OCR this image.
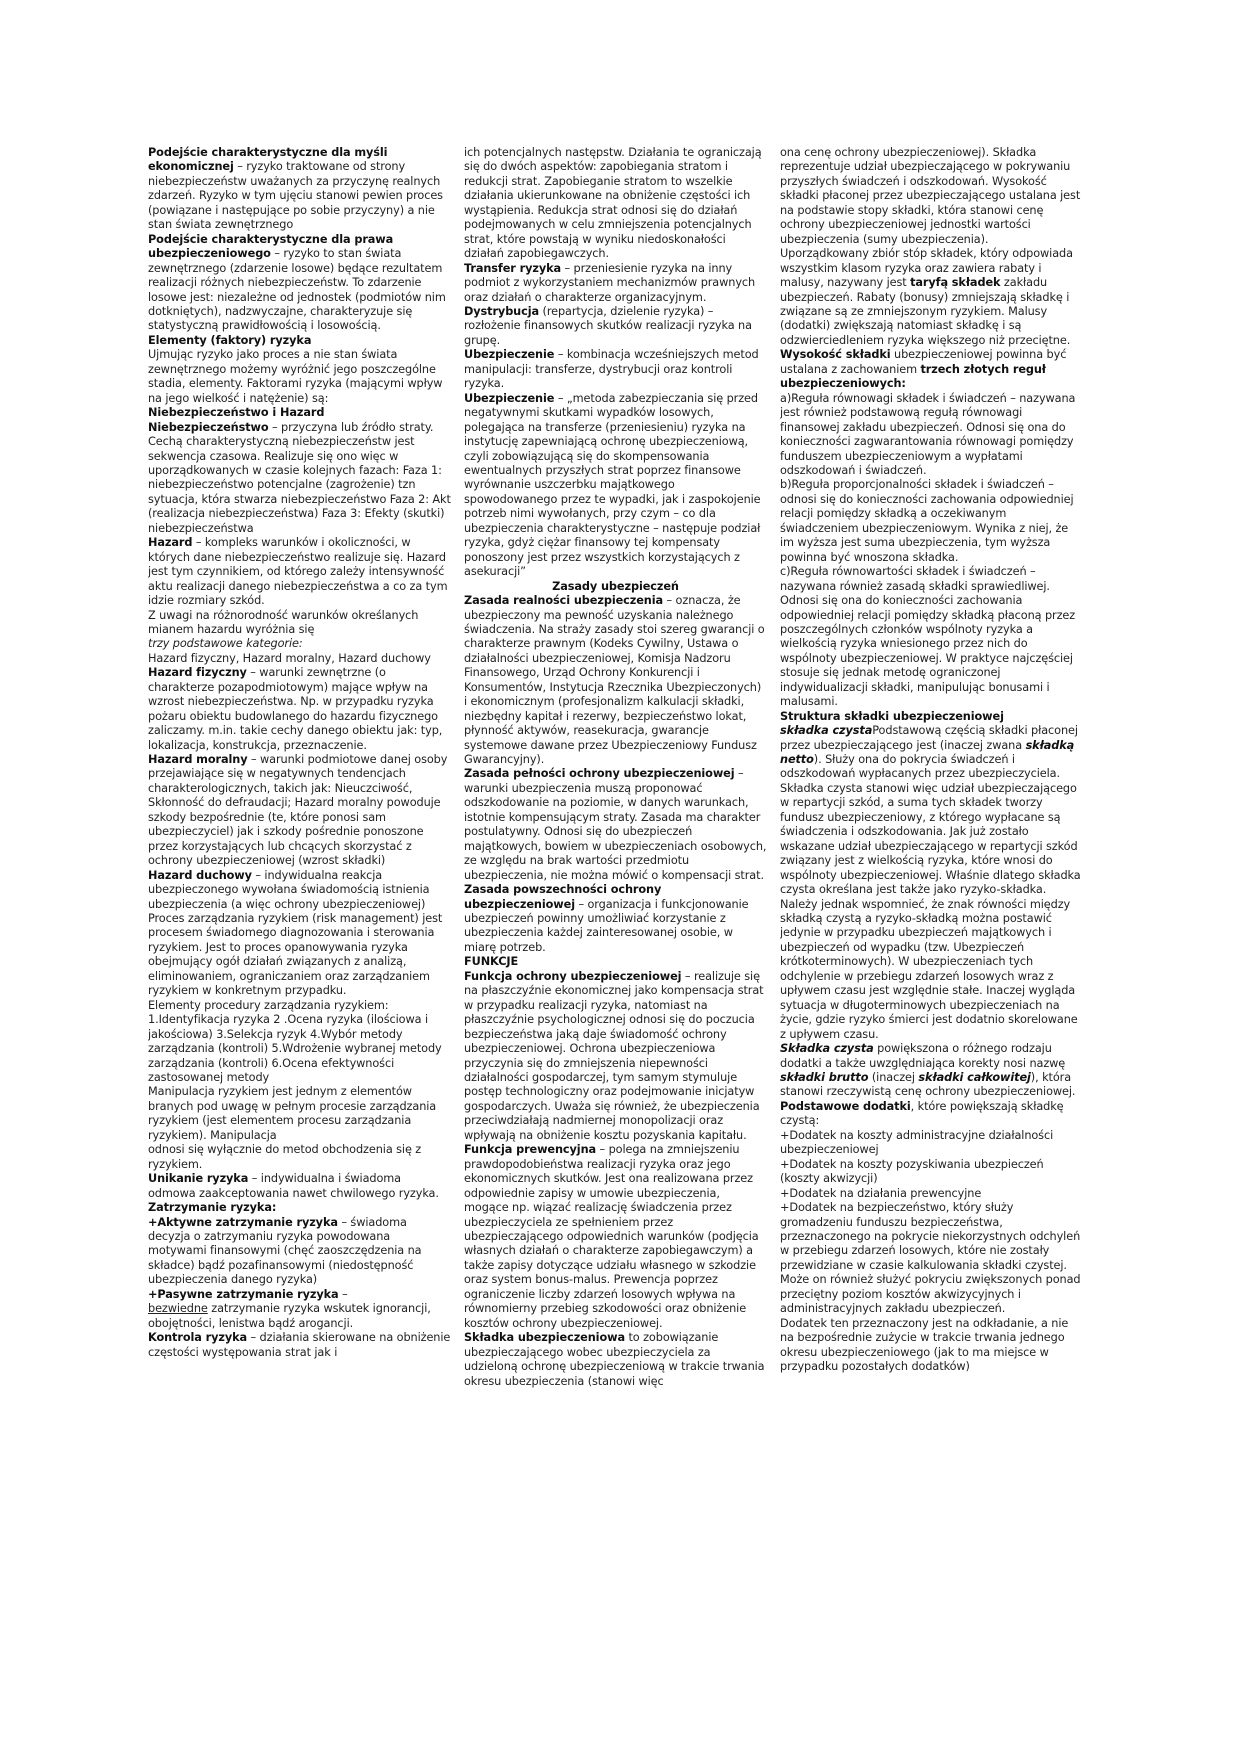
Podejście charakterystyczne dla myśli ekonomicznej – ryzyko traktowane od strony niebezpieczeństw uważanych za przyczynę realnych zdarzeń. Ryzyko w tym ujęciu stanowi pewien proces (powiązane i następujące po sobie przyczyny) a nie stan świata zewnętrznego

Podejście charakterystyczne dla prawa ubezpieczeniowego – ryzyko to stan świata zewnętrznego (zdarzenie losowe) będące rezultatem realizacji różnych niebezpieczeństw. To zdarzenie losowe jest: niezależne od jednostek (podmiotów nim dotkniętych), nadzwyczajne, charakteryzuje się statystyczną prawidłowością i losowością.

Elementy (faktory) ryzyka

Ujmując ryzyko jako proces a nie stan świata zewnętrznego możemy wyróżnić jego poszczególne stadia, elementy. Faktorami ryzyka (mającymi wpływ na jego wielkość i natężenie) są:

Niebezpieczeństwo i Hazard

Niebezpieczeństwo – przyczyna lub źródło straty. Cechą charakterystyczną niebezpieczeństw jest sekwencja czasowa. Realizuje się ono więc w uporządkowanych w czasie kolejnych fazach: Faza 1: niebezpieczeństwo potencjalne (zagrożenie) tzn sytuacja, która stwarza niebezpieczeństwo Faza 2: Akt (realizacja niebezpieczeństwa) Faza 3: Efekty (skutki) niebezpieczeństwa

Hazard – kompleks warunków i okoliczności, w których dane niebezpieczeństwo realizuje się. Hazard jest tym czynnikiem, od którego zależy intensywność aktu realizacji danego niebezpieczeństwa a co za tym idzie rozmiary szkód.

Z uwagi na różnorodność warunków określanych mianem hazardu wyróżnia się

trzy podstawowe kategorie:

Hazard fizyczny, Hazard moralny, Hazard duchowy

Hazard fizyczny – warunki zewnętrzne (o charakterze pozapodmiotowym) mające wpływ na wzrost niebezpieczeństwa. Np. w przypadku ryzyka pożaru obiektu budowlanego do hazardu fizycznego zaliczamy. m.in. takie cechy danego obiektu jak: typ, lokalizacja, konstrukcja, przeznaczenie.

Hazard moralny – warunki podmiotowe danej osoby przejawiające się w negatywnych tendencjach charakterologicznych, takich jak: Nieuczciwość, Skłonność do defraudacji; Hazard moralny powoduje szkody bezpośrednie (te, które ponosi sam ubezpieczyciel) jak i szkody pośrednie ponoszone przez korzystających lub chcących skorzystać z ochrony ubezpieczeniowej (wzrost składki)

Hazard duchowy – indywidualna reakcja ubezpieczonego wywołana świadomością istnienia ubezpieczenia (a więc ochrony ubezpieczeniowej) Proces zarządzania ryzykiem (risk management) jest procesem świadomego diagnozowania i sterowania ryzykiem. Jest to proces opanowywania ryzyka obejmujący ogół działań związanych z analizą, eliminowaniem, ograniczaniem oraz zarządzaniem ryzykiem w konkretnym przypadku.

Elementy procedury zarządzania ryzykiem: 1.Identyfikacja ryzyka 2 .Ocena ryzyka (ilościowa i jakościowa) 3.Selekcja ryzyk 4.Wybór metody zarządzania (kontroli) 5.Wdrożenie wybranej metody zarządzania (kontroli) 6.Ocena efektywności zastosowanej metody

Manipulacja ryzykiem jest jednym z elementów branych pod uwagę w pełnym procesie zarządzania ryzykiem (jest elementem procesu zarządzania ryzykiem). Manipulacja

odnosi się wyłącznie do metod obchodzenia się z ryzykiem.

Unikanie ryzyka – indywidualna i świadoma odmowa zaakceptowania nawet chwilowego ryzyka.

Zatrzymanie ryzyka:

+Aktywne zatrzymanie ryzyka – świadoma decyzja o zatrzymaniu ryzyka powodowana motywami finansowymi (chęć zaoszczędzenia na składce) bądź pozafinansowymi (niedostępność ubezpieczenia danego ryzyka)

+Pasywne zatrzymanie ryzyka –

bezwiedne zatrzymanie ryzyka wskutek ignorancji, obojętności, lenistwa bądź arogancji.

Kontrola ryzyka – działania skierowane na obniżenie częstości występowania strat jak i

ich potencjalnych następstw. Działania te ograniczają się do dwóch aspektów: zapobiegania stratom i redukcji strat. Zapobieganie stratom to wszelkie działania ukierunkowane na obniżenie częstości ich wystąpienia. Redukcja strat odnosi się do działań podejmowanych w celu zmniejszenia potencjalnych strat, które powstają w wyniku niedoskonałości działań zapobiegawczych.

Transfer ryzyka – przeniesienie ryzyka na inny podmiot z wykorzystaniem mechanizmów prawnych oraz działań o charakterze organizacyjnym.

Dystrybucja (repartycja, dzielenie ryzyka) – rozłożenie finansowych skutków realizacji ryzyka na grupę.

Ubezpieczenie – kombinacja wcześniejszych metod manipulacji: transferze, dystrybucji oraz kontroli ryzyka.

Ubezpieczenie – „metoda zabezpieczania się przed negatywnymi skutkami wypadków losowych, polegająca na transferze (przeniesieniu) ryzyka na instytucję zapewniającą ochronę ubezpieczeniową, czyli zobowiązującą się do skompensowania ewentualnych przyszłych strat poprzez finansowe wyrównanie uszczerbku majątkowego spowodowanego przez te wypadki, jak i zaspokojenie potrzeb nimi wywołanych, przy czym – co dla ubezpieczenia charakterystyczne – następuje podział ryzyka, gdyż ciężar finansowy tej kompensaty ponoszony jest przez wszystkich korzystających z asekuracji”

Zasady ubezpieczeń

Zasada realności ubezpieczenia – oznacza, że ubezpieczony ma pewność uzyskania należnego świadczenia. Na straży zasady stoi szereg gwarancji o charakterze prawnym (Kodeks Cywilny, Ustawa o działalności ubezpieczeniowej, Komisja Nadzoru Finansowego, Urząd Ochrony Konkurencji i Konsumentów, Instytucja Rzecznika Ubezpieczonych) i ekonomicznym (profesjonalizm kalkulacji składki, niezbędny kapitał i rezerwy, bezpieczeństwo lokat, płynność aktywów, reasekuracja, gwarancje systemowe dawane przez Ubezpieczeniowy Fundusz Gwarancyjny).

Zasada pełności ochrony ubezpieczeniowej – warunki ubezpieczenia muszą proponować odszkodowanie na poziomie, w danych warunkach, istotnie kompensującym straty. Zasada ma charakter postulatywny. Odnosi się do ubezpieczeń majątkowych, bowiem w ubezpieczeniach osobowych, ze względu na brak wartości przedmiotu ubezpieczenia, nie można mówić o kompensacji strat.

Zasada powszechności ochrony ubezpieczeniowej – organizacja i funkcjonowanie ubezpieczeń powinny umożliwiać korzystanie z ubezpieczenia każdej zainteresowanej osobie, w miarę potrzeb.

FUNKCJE

Funkcja ochrony ubezpieczeniowej – realizuje się na płaszczyźnie ekonomicznej jako kompensacja strat w przypadku realizacji ryzyka, natomiast na płaszczyźnie psychologicznej odnosi się do poczucia bezpieczeństwa jaką daje świadomość ochrony ubezpieczeniowej. Ochrona ubezpieczeniowa przyczynia się do zmniejszenia niepewności działalności gospodarczej, tym samym stymuluje postęp technologiczny oraz podejmowanie inicjatyw gospodarczych. Uważa się również, że ubezpieczenia przeciwdziałają nadmiernej monopolizacji oraz wpływają na obniżenie kosztu pozyskania kapitału.

Funkcja prewencyjna – polega na zmniejszeniu prawdopodobieństwa realizacji ryzyka oraz jego ekonomicznych skutków. Jest ona realizowana przez odpowiednie zapisy w umowie ubezpieczenia, mogące np. wiązać realizację świadczenia przez ubezpieczyciela ze spełnieniem przez ubezpieczającego odpowiednich warunków (podjęcia własnych działań o charakterze zapobiegawczym) a także zapisy dotyczące udziału własnego w szkodzie oraz system bonus-malus. Prewencja poprzez ograniczenie liczby zdarzeń losowych wpływa na równomierny przebieg szkodowości oraz obniżenie kosztów ochrony ubezpieczeniowej.

Składka ubezpieczeniowa to zobowiązanie ubezpieczającego wobec ubezpieczyciela za udzieloną ochronę ubezpieczeniową w trakcie trwania okresu ubezpieczenia (stanowi więc

ona cenę ochrony ubezpieczeniowej). Składka reprezentuje udział ubezpieczającego w pokrywaniu przyszłych świadczeń i odszkodowań. Wysokość składki płaconej przez ubezpieczającego ustalana jest na podstawie stopy składki, która stanowi cenę ochrony ubezpieczeniowej jednostki wartości ubezpieczenia (sumy ubezpieczenia).

Uporządkowany zbiór stóp składek, który odpowiada wszystkim klasom ryzyka oraz zawiera rabaty i malusy, nazywany jest taryfą składek zakładu ubezpieczeń. Rabaty (bonusy) zmniejszają składkę i związane są ze zmniejszonym ryzykiem. Malusy (dodatki) zwiększają natomiast składkę i są odzwierciedleniem ryzyka większego niż przeciętne.

Wysokość składki ubezpieczeniowej powinna być ustalana z zachowaniem trzech złotych reguł ubezpieczeniowych:

a)Reguła równowagi składek i świadczeń – nazywana jest również podstawową regułą równowagi finansowej zakładu ubezpieczeń. Odnosi się ona do konieczności zagwarantowania równowagi pomiędzy funduszem ubezpieczeniowym a wypłatami odszkodowań i świadczeń.

b)Reguła proporcjonalności składek i świadczeń – odnosi się do konieczności zachowania odpowiedniej relacji pomiędzy składką a oczekiwanym świadczeniem ubezpieczeniowym. Wynika z niej, że im wyższa jest suma ubezpieczenia, tym wyższa powinna być wnoszona składka.

c)Reguła równowartości składek i świadczeń – nazywana również zasadą składki sprawiedliwej. Odnosi się ona do konieczności zachowania odpowiedniej relacji pomiędzy składką płaconą przez poszczególnych członków wspólnoty ryzyka a wielkością ryzyka wniesionego przez nich do wspólnoty ubezpieczeniowej. W praktyce najczęściej stosuje się jednak metodę ograniczonej indywidualizacji składki, manipulując bonusami i malusami.

Struktura składki ubezpieczeniowej

składka czystaPodstawową częścią składki płaconej przez ubezpieczającego jest (inaczej zwana składką netto). Służy ona do pokrycia świadczeń i odszkodowań wypłacanych przez ubezpieczyciela. Składka czysta stanowi więc udział ubezpieczającego w repartycji szkód, a suma tych składek tworzy fundusz ubezpieczeniowy, z którego wypłacane są świadczenia i odszkodowania. Jak już zostało wskazane udział ubezpieczającego w repartycji szkód związany jest z wielkością ryzyka, które wnosi do wspólnoty ubezpieczeniowej. Właśnie dlatego składka czysta określana jest także jako ryzyko-składka. Należy jednak wspomnieć, że znak równości między składką czystą a ryzyko-składką można postawić jedynie w przypadku ubezpieczeń majątkowych i ubezpieczeń od wypadku (tzw. Ubezpieczeń krótkoterminowych). W ubezpieczeniach tych odchylenie w przebiegu zdarzeń losowych wraz z upływem czasu jest względnie stałe. Inaczej wygląda sytuacja w długoterminowych ubezpieczeniach na życie, gdzie ryzyko śmierci jest dodatnio skorelowane z upływem czasu.

Składka czysta powiększona o różnego rodzaju dodatki a także uwzględniająca korekty nosi nazwę składki brutto (inaczej składki całkowitej), która stanowi rzeczywistą cenę ochrony ubezpieczeniowej.

Podstawowe dodatki, które powiększają składkę czystą:

+Dodatek na koszty administracyjne działalności ubezpieczeniowej

+Dodatek na koszty pozyskiwania ubezpieczeń (koszty akwizycji)

+Dodatek na działania prewencyjne

+Dodatek na bezpieczeństwo, który służy gromadzeniu funduszu bezpieczeństwa, przeznaczonego na pokrycie niekorzystnych odchyleń w przebiegu zdarzeń losowych, które nie zostały przewidziane w czasie kalkulowania składki czystej. Może on również służyć pokryciu zwiększonych ponad przeciętny poziom kosztów akwizycyjnych i administracyjnych zakładu ubezpieczeń.

Dodatek ten przeznaczony jest na odkładanie, a nie na bezpośrednie zużycie w trakcie trwania jednego okresu ubezpieczeniowego (jak to ma miejsce w przypadku pozostałych dodatków)
